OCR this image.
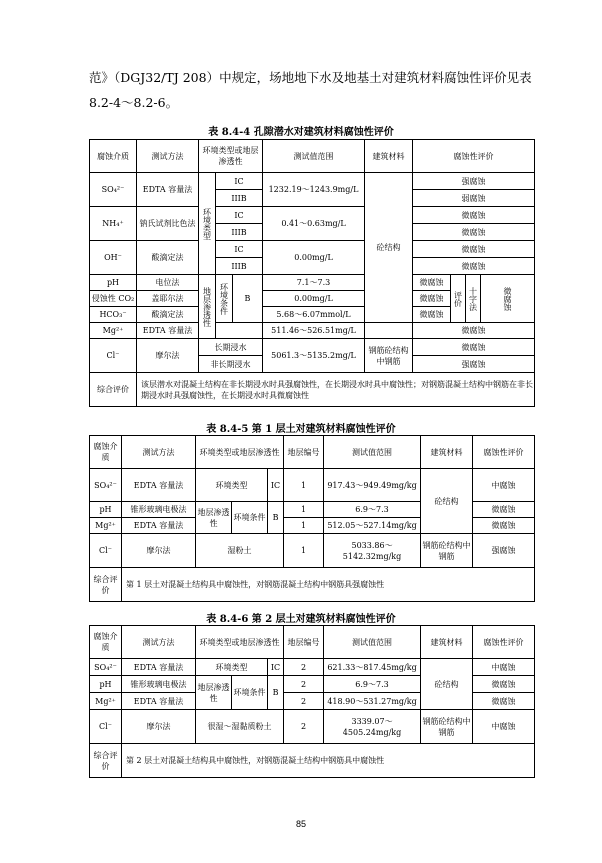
范》（DGJ32/TJ 208）中规定，场地地下水及地基土对建筑材料腐蚀性评价见表
8.2-4～8.2-6。
表 8.4-4 孔隙潜水对建筑材料腐蚀性评价
腐蚀介质	测试方法	环境类型或地层渗透性			测试值范围	建筑材料	腐蚀性评价			
SO₄²⁻	EDTA 容量法	环境类型	IC		1232.19～1243.9mg/L	砼结构	强腐蚀			
			IIIB				弱腐蚀			
NH₄⁺	钠氏试剂比色法		IC		0.41～0.63mg/L		微腐蚀			
			IIIB				微腐蚀			
OH⁻	酸滴定法		IC		0.00mg/L		微腐蚀			
			IIIB				微腐蚀			
pH	电位法	地层渗透性	环境条件	B	7.1～7.3		微腐蚀	评价	十字法	微腐蚀
侵蚀性 CO₂	盖耶尔法				0.00mg/L		微腐蚀			
HCO₃⁻	酸滴定法				5.68～6.07mmol/L		微腐蚀			
Mg²⁺	EDTA 容量法				511.46～526.51mg/L		微腐蚀			
Cl⁻	摩尔法	长期浸水			5061.3～5135.2mg/L	钢筋砼结构中钢筋	微腐蚀			
		非长期浸水					强腐蚀			
综合评价	该层潜水对混凝土结构在非长期浸水时具强腐蚀性，在长期浸水时具中腐蚀性；对钢筋混凝土结构中钢筋在非长期浸水时具强腐蚀性，在长期浸水时具微腐蚀性									
表 8.4-5 第 1 层土对建筑材料腐蚀性评价
腐蚀介质	测试方法	环境类型或地层渗透性			地层编号	测试值范围	建筑材料	腐蚀性评价
SO₄²⁻	EDTA 容量法	环境类型		IC	1	917.43～949.49mg/kg	砼结构	中腐蚀
pH	锥形玻璃电极法	地层渗透性	环境条件	B	1	6.9～7.3		微腐蚀
Mg²⁺	EDTA 容量法				1	512.05～527.14mg/kg		微腐蚀
Cl⁻	摩尔法	湿粉土			1	5033.86～5142.32mg/kg	钢筋砼结构中钢筋	强腐蚀
综合评价	第 1 层土对混凝土结构具中腐蚀性，对钢筋混凝土结构中钢筋具强腐蚀性							
表 8.4-6 第 2 层土对建筑材料腐蚀性评价
腐蚀介质	测试方法	环境类型或地层渗透性			地层编号	测试值范围	建筑材料	腐蚀性评价
SO₄²⁻	EDTA 容量法	环境类型		IC	2	621.33～817.45mg/kg	砼结构	中腐蚀
pH	锥形玻璃电极法	地层渗透性	环境条件	B	2	6.9～7.3		微腐蚀
Mg²⁺	EDTA 容量法				2	418.90～531.27mg/kg		微腐蚀
Cl⁻	摩尔法	很湿～湿黏质粉土			2	3339.07～4505.24mg/kg	钢筋砼结构中钢筋	中腐蚀
综合评价	第 2 层土对混凝土结构具中腐蚀性，对钢筋混凝土结构中钢筋具中腐蚀性							
85
